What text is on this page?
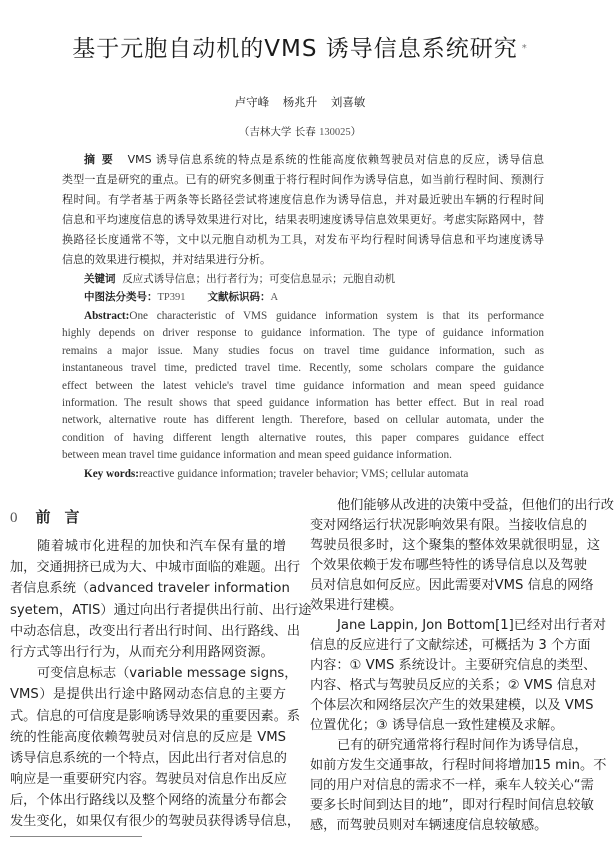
基于元胞自动机的VMS 诱导信息系统研究 *
卢守峰 杨兆升 刘喜敏
（吉林大学 长春 130025）
摘要 VMS 诱导信息系统的特点是系统的性能高度依赖驾驶员对信息的反应，诱导信息
类型一直是研究的重点。已有的研究多侧重于将行程时间作为诱导信息，如当前行程时间、预测行
程时间。有学者基于两条等长路径尝试将速度信息作为诱导信息，并对最近驶出车辆的行程时间
信息和平均速度信息的诱导效果进行对比，结果表明速度诱导信息效果更好。考虑实际路网中，替
换路径长度通常不等，文中以元胞自动机为工具，对发布平均行程时间诱导信息和平均速度诱导
信息的效果进行模拟，并对结果进行分析。
关键词 反应式诱导信息；出行者行为；可变信息显示；元胞自动机
中图法分类号：TP391 文献标识码：A
Abstract:One characteristic of VMS guidance information system is that its performance
highly depends on driver response to guidance information. The type of guidance information
remains a major issue. Many studies focus on travel time guidance information, such as
instantaneous travel time, predicted travel time. Recently, some scholars compare the guidance
effect between the latest vehicle's travel time guidance information and mean speed guidance
information. The result shows that speed guidance information has better effect. But in real road
network, alternative route has different length. Therefore, based on cellular automata, under the
condition of having different length alternative routes, this paper compares guidance effect
between mean travel time guidance information and mean speed guidance information.
Key words:reactive guidance information; traveler behavior; VMS; cellular automata
0 前言
随着城市化进程的加快和汽车保有量的增
加，交通拥挤已成为大、中城市面临的难题。出行
者信息系统（advanced traveler information
syetem，ATIS）通过向出行者提供出行前、出行途
中动态信息，改变出行者出行时间、出行路线、出
行方式等出行行为，从而充分利用路网资源。
可变信息标志（variable message signs，
VMS）是提供出行途中路网动态信息的主要方
式。信息的可信度是影响诱导效果的重要因素。系
统的性能高度依赖驾驶员对信息的反应是 VMS
诱导信息系统的一个特点，因此出行者对信息的
响应是一重要研究内容。驾驶员对信息作出反应
后，个体出行路线以及整个网络的流量分布都会
发生变化，如果仅有很少的驾驶员获得诱导信息，
他们能够从改进的决策中受益，但他们的出行改
变对网络运行状况影响效果有限。当接收信息的
驾驶员很多时，这个聚集的整体效果就很明显，这
个效果依赖于发布哪些特性的诱导信息以及驾驶
员对信息如何反应。因此需要对VMS 信息的网络
效果进行建模。
Jane Lappin, Jon Bottom[1]已经对出行者对
信息的反应进行了文献综述，可概括为 3 个方面
内容：① VMS 系统设计。主要研究信息的类型、
内容、格式与驾驶员反应的关系；② VMS 信息对
个体层次和网络层次产生的效果建模，以及 VMS
位置优化；③ 诱导信息一致性建模及求解。
已有的研究通常将行程时间作为诱导信息，
如前方发生交通事故，行程时间将增加15 min。不
同的用户对信息的需求不一样，乘车人较关心“需
要多长时间到达目的地”，即对行程时间信息较敏
感，而驾驶员则对车辆速度信息较敏感。
